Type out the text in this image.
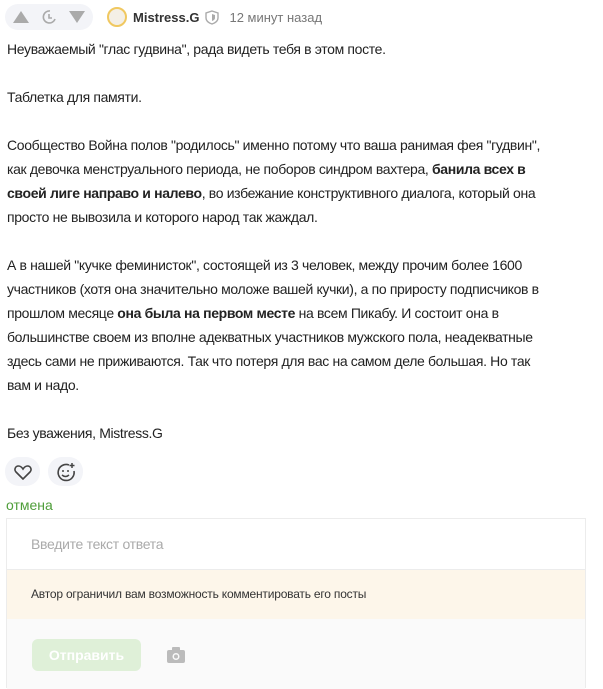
Mistress.G 12 минут назад
Неуважаемый "глас гудвина", рада видеть тебя в этом посте.
Таблетка для памяти.
Сообщество Война полов "родилось" именно потому что ваша ранимая фея "гудвин",
как девочка менструального периода, не поборов синдром вахтера, банила всех в
своей лиге направо и налево, во избежание конструктивного диалога, который она
просто не вывозила и которого народ так жаждал.
А в нашей "кучке феминисток", состоящей из 3 человек, между прочим более 1600
участников (хотя она значительно моложе вашей кучки), а по приросту подписчиков в
прошлом месяце она была на первом месте на всем Пикабу. И состоит она в
большинстве своем из вполне адекватных участников мужского пола, неадекватные
здесь сами не приживаются. Так что потеря для вас на самом деле большая. Но так
вам и надо.
Без уважения, Mistress.G
отмена
Введите текст ответа
Автор ограничил вам возможность комментировать его посты
Отправить
